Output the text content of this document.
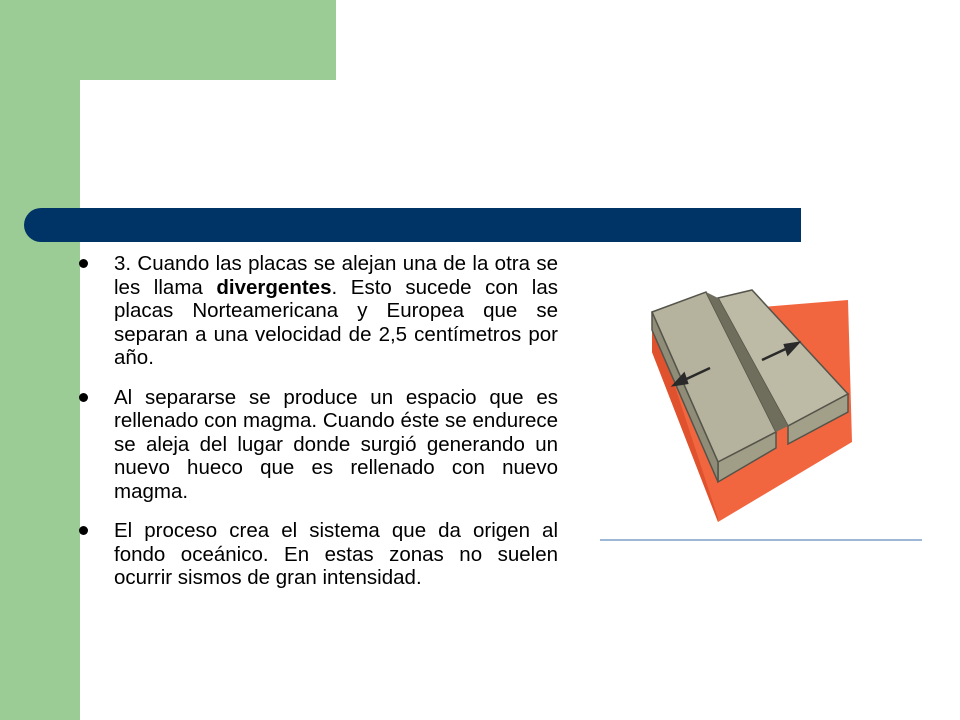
3. Cuando las placas se alejan una de la otra se les llama divergentes. Esto sucede con las placas Norteamericana y Europea que se separan a una velocidad de 2,5 centímetros por año.

Al separarse se produce un espacio que es rellenado con magma. Cuando éste se endurece se aleja del lugar donde surgió generando un nuevo hueco que es rellenado con nuevo magma.

El proceso crea el sistema que da origen al fondo oceánico. En estas zonas no suelen ocurrir sismos de gran intensidad.
